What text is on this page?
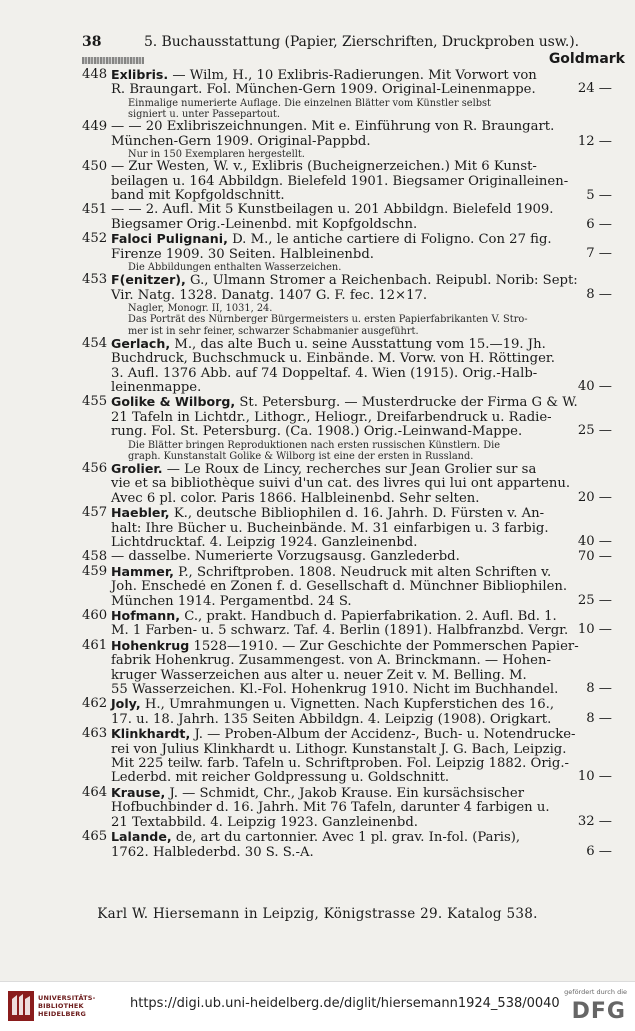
38	5. Buchausstattung (Papier, Zierschriften, Druckproben usw.).
Goldmark
448 Exlibris. — Wilm, H., 10 Exlibris-Radierungen. Mit Vorwort von
R. Braungart. Fol. München-Gern 1909. Original-Leinenmappe.
Einmalige numerierte Auflage. Die einzelnen Blätter vom Künstler selbst
signiert u. unter Passepartout.
24 —
449 — — 20 Exlibriszeichnungen. Mit e. Einführung von R. Braungart.
München-Gern 1909. Original-Pappbd.
Nur in 150 Exemplaren hergestellt.
12 —
450 — Zur Westen, W. v., Exlibris (Bucheignerzeichen.) Mit 6 Kunst-
beilagen u. 164 Abbildgn. Bielefeld 1901. Biegsamer Originalleinen-
band mit Kopfgoldschnitt.	5 —
451 — — 2. Aufl. Mit 5 Kunstbeilagen u. 201 Abbildgn. Bielefeld 1909.
Biegsamer Orig.-Leinenbd. mit Kopfgoldschn.	6 —
452 Faloci Pulignani, D. M., le antiche cartiere di Foligno. Con 27 fig.
Firenze 1909. 30 Seiten. Halbleinenbd.
Die Abbildungen enthalten Wasserzeichen.
7 —
453 F(enitzer), G., Ulmann Stromer a Reichenbach. Reipubl. Norib: Sept:
Vir. Natg. 1328. Danatg. 1407 G. F. fec. 12×17.
Nagler, Monogr. II, 1031, 24.
Das Porträt des Nürnberger Bürgermeisters u. ersten Papierfabrikanten V. Stro-
mer ist in sehr feiner, schwarzer Schabmanier ausgeführt.
8 —
454 Gerlach, M., das alte Buch u. seine Ausstattung vom 15.—19. Jh.
Buchdruck, Buchschmuck u. Einbände. M. Vorw. von H. Röttinger.
3. Aufl. 1376 Abb. auf 74 Doppeltaf. 4. Wien (1915). Orig.-Halb-
leinenmappe.	40 —
455 Golike & Wilborg, St. Petersburg. — Musterdrucke der Firma G & W.
21 Tafeln in Lichtdr., Lithogr., Heliogr., Dreifarbendruck u. Radie-
rung. Fol. St. Petersburg. (Ca. 1908.) Orig.-Leinwand-Mappe.
Die Blätter bringen Reproduktionen nach ersten russischen Künstlern. Die
graph. Kunstanstalt Golike & Wilborg ist eine der ersten in Russland.
25 —
456 Grolier. — Le Roux de Lincy, recherches sur Jean Grolier sur sa
vie et sa bibliothèque suivi d'un cat. des livres qui lui ont appartenu.
Avec 6 pl. color. Paris 1866. Halbleinenbd. Sehr selten.	20 —
457 Haebler, K., deutsche Bibliophilen d. 16. Jahrh. D. Fürsten v. An-
halt: Ihre Bücher u. Bucheinbände. M. 31 einfarbigen u. 3 farbig.
Lichtdrucktaf. 4. Leipzig 1924. Ganzleinenbd.	40 —
458 — dasselbe. Numerierte Vorzugsausg. Ganzlederbd.	70 —
459 Hammer, P., Schriftproben. 1808. Neudruck mit alten Schriften v.
Joh. Enschedé en Zonen f. d. Gesellschaft d. Münchner Bibliophilen.
München 1914. Pergamentbd. 24 S.	25 —
460 Hofmann, C., prakt. Handbuch d. Papierfabrikation. 2. Aufl. Bd. 1.
M. 1 Farben- u. 5 schwarz. Taf. 4. Berlin (1891). Halbfranzbd. Vergr. 10 —
461 Hohenkrug 1528—1910. — Zur Geschichte der Pommerschen Papier-
fabrik Hohenkrug. Zusammengest. von A. Brinckmann. — Hohen-
kruger Wasserzeichen aus alter u. neuer Zeit v. M. Belling. M.
55 Wasserzeichen. Kl.-Fol. Hohenkrug 1910. Nicht im Buchhandel.	8 —
462 Joly, H., Umrahmungen u. Vignetten. Nach Kupferstichen des 16.,
17. u. 18. Jahrh. 135 Seiten Abbildgn. 4. Leipzig (1908). Origkart.	8 —
463 Klinkhardt, J. — Proben-Album der Accidenz-, Buch- u. Notendrucke-
rei von Julius Klinkhardt u. Lithogr. Kunstanstalt J. G. Bach, Leipzig.
Mit 225 teilw. farb. Tafeln u. Schriftproben. Fol. Leipzig 1882. Orig.-
Lederbd. mit reicher Goldpressung u. Goldschnitt.	10 —
464 Krause, J. — Schmidt, Chr., Jakob Krause. Ein kursächsischer
Hofbuchbinder d. 16. Jahrh. Mit 76 Tafeln, darunter 4 farbigen u.
21 Textabbild. 4. Leipzig 1923. Ganzleinenbd.	32 —
465 Lalande, de, art du cartonnier. Avec 1 pl. grav. In-fol. (Paris),
1762. Halblederbd. 30 S. S.-A.	6 —
Karl W. Hiersemann in Leipzig, Königstrasse 29. Katalog 538.
UNIVERSITÄTS-
BIBLIOTHEK
HEIDELBERG
https://digi.ub.uni-heidelberg.de/diglit/hiersemann1924_538/0040
gefördert durch die
DFG
